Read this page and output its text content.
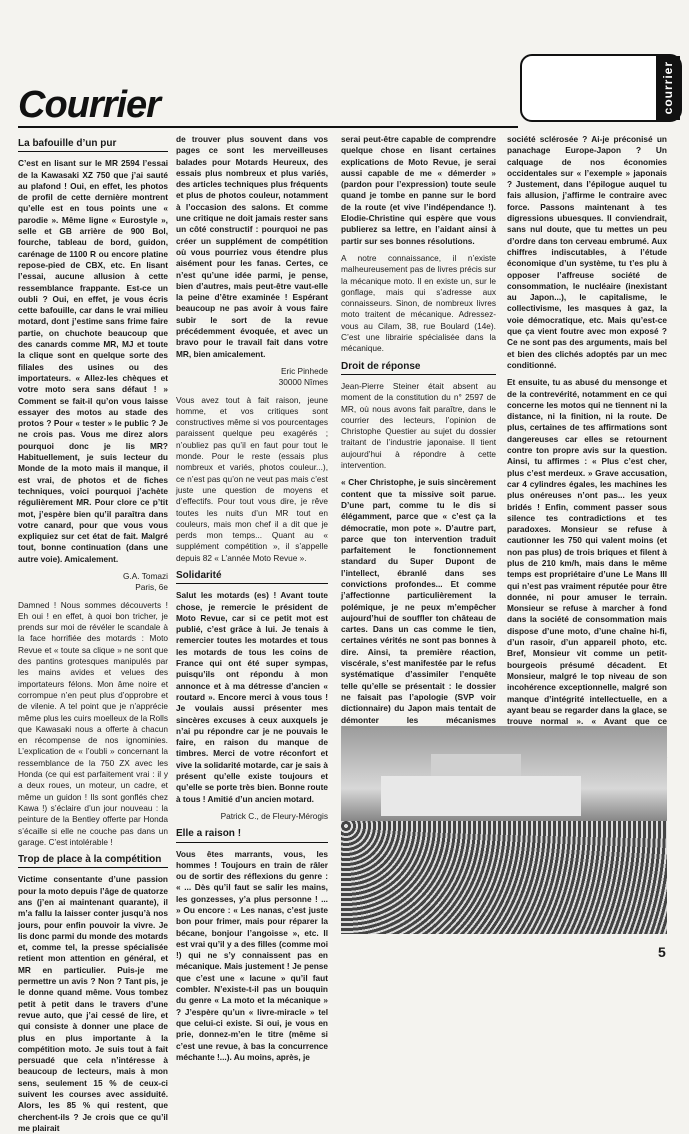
courrier
Courrier
La bafouille d’un pur

C’est en lisant sur le MR 2594 l’essai de la Kawasaki XZ 750 que j’ai sauté au plafond ! Oui, en effet, les photos de profil de cette dernière montrent qu’elle est en tous points une « parodie ». Même ligne « Eurostyle », selle et GB arrière de 900 Bol, fourche, tableau de bord, guidon, carénage de 1100 R ou encore platine repose-pied de CBX, etc. En lisant l’essai, aucune allusion à cette ressemblance frappante. Est-ce un oubli ? Oui, en effet, je vous écris cette bafouille, car dans le vrai milieu motard, dont j’estime sans frime faire partie, on chuchote beaucoup que des canards comme MR, MJ et toute la clique sont en quelque sorte des filiales des usines ou des importateurs. « Allez-les chèques et votre moto sera sans défaut ! » Comment se fait-il qu’on vous laisse essayer des motos au stade des protos ? Pour « tester » le public ? Je ne crois pas. Vous me direz alors pourquoi donc je lis MR? Habituellement, je suis lecteur du Monde de la moto mais il manque, il est vrai, de photos et de fiches techniques, voici pourquoi j’achète régulièrement MR. Pour clore ce p’tit mot, j’espère bien qu’il paraîtra dans votre canard, pour que vous vous expliquiez sur cet état de fait. Malgré tout, bonne continuation (dans une autre voie). Amicalement.

G.A. Tomazi
Paris, 6e

Damned ! Nous sommes découverts ! Eh oui ! en effet, à quoi bon tricher, je prends sur moi de révéler le scandale à la face horrifiée des motards : Moto Revue et « toute sa clique » ne sont que des pantins grotesques manipulés par les mains avides et velues des importateurs félons. Mon âme noire et corrompue n’en peut plus d’opprobre et de vilenie. A tel point que je n’apprécie même plus les cuirs moelleux de la Rolls que Kawasaki nous a offerte à chacun en récompense de nos ignominies. L’explication de « l’oubli » concernant la ressemblance de la 750 ZX avec les Honda (ce qui est parfaitement vrai : il y a deux roues, un moteur, un cadre, et même un guidon ! Ils sont gonflés chez Kawa !) s’éclaire d’un jour nouveau : la peinture de la Bentley offerte par Honda s’écaille si elle ne couche pas dans un garage. C’est intolérable !

Trop de place à la compétition

Victime consentante d’une passion pour la moto depuis l’âge de quatorze ans (j’en ai maintenant quarante), il m’a fallu la laisser conter jusqu’à nos jours, pour enfin pouvoir la vivre. Je lis donc parmi du monde des motards et, comme tel, la presse spécialisée retient mon attention en général, et MR en particulier. Puis-je me permettre un avis ? Non ? Tant pis, je le donne quand même. Vous tombez petit à petit dans le travers d’une revue auto, que j’ai cessé de lire, et qui consiste à donner une place de plus en plus importante à la compétition moto. Je suis tout à fait persuadé que cela n’intéresse à beaucoup de lecteurs, mais à mon sens, seulement 15 % de ceux-ci suivent les courses avec assiduité. Alors, les 85 % qui restent, que cherchent-ils ? Je crois que ce qu’il me plairait

de trouver plus souvent dans vos pages ce sont les merveilleuses balades pour Motards Heureux, des essais plus nombreux et plus variés, des articles techniques plus fréquents et plus de photos couleur, notamment à l’occasion des salons. Et comme une critique ne doit jamais rester sans un côté constructif : pourquoi ne pas créer un supplément de compétition où vous pourriez vous étendre plus aisément pour les fanas. Certes, ce n’est qu’une idée parmi, je pense, bien d’autres, mais peut-être vaut-elle la peine d’être examinée ! Espérant beaucoup ne pas avoir à vous faire subir le sort de la revue précédemment évoquée, et avec un bravo pour le travail fait dans votre MR, bien amicalement.

Eric Pinhede
30000 Nîmes

Vous avez tout à fait raison, jeune homme, et vos critiques sont constructives même si vos pourcentages paraissent quelque peu exagérés ; n’oubliez pas qu’il en faut pour tout le monde. Pour le reste (essais plus nombreux et variés, photos couleur...), ce n’est pas qu’on ne veut pas mais c’est juste une question de moyens et d’effectifs. Pour tout vous dire, je rêve toutes les nuits d’un MR tout en couleurs, mais mon chef il a dit que je perds mon temps... Quant au « supplément compétition », il s’appelle depuis 82 « L’année Moto Revue ».

Solidarité

Salut les motards (es) ! Avant toute chose, je remercie le président de Moto Revue, car si ce petit mot est publié, c’est grâce à lui. Je tenais à remercier toutes les motardes et tous les motards de tous les coins de France qui ont été super sympas, puisqu’ils ont répondu à mon annonce et à ma détresse d’ancien « routard ». Encore merci à vous tous ! Je voulais aussi présenter mes sincères excuses à ceux auxquels je n’ai pu répondre car je ne pouvais le faire, en raison du manque de timbres. Merci de votre réconfort et vive la solidarité motarde, car je sais à présent qu’elle existe toujours et qu’elle se porte très bien. Bonne route à tous ! Amitié d’un ancien motard.

Patrick C., de Fleury-Mérogis
Elle a raison !

Vous êtes marrants, vous, les hommes ! Toujours en train de râler ou de sortir des réflexions du genre : « ... Dès qu’il faut se salir les mains, les gonzesses, y’a plus personne ! ... » Ou encore : « Les nanas, c’est juste bon pour frimer, mais pour réparer la bécane, bonjour l’angoisse », etc. Il est vrai qu’il y a des filles (comme moi !) qui ne s’y connaissent pas en mécanique. Mais justement ! Je pense que c’est une « lacune » qu’il faut combler. N’existe-t-il pas un bouquin du genre « La moto et la mécanique » ? J’espère qu’un « livre-miracle » tel que celui-ci existe. Si oui, je vous en prie, donnez-m’en le titre (même si c’est une revue, à bas la concurrence méchante !...). Au moins, après, je

serai peut-être capable de comprendre quelque chose en lisant certaines explications de Moto Revue, je serai aussi capable de me « démerder » (pardon pour l’expression) toute seule quand je tombe en panne sur le bord de la route (et vive l’indépendance !). Elodie-Christine qui espère que vous publierez sa lettre, en l’aidant ainsi à partir sur ses bonnes résolutions.

A notre connaissance, il n’existe malheureusement pas de livres précis sur la mécanique moto. Il en existe un, sur le gonflage, mais qui s’adresse aux connaisseurs. Sinon, de nombreux livres moto traitent de mécanique. Adressez-vous au Cilam, 38, rue Boulard (14e). C’est une librairie spécialisée dans la mécanique.

Droit de réponse

Jean-Pierre Steiner était absent au moment de la constitution du n° 2597 de MR, où nous avons fait paraître, dans le courrier des lecteurs, l’opinion de Christophe Questier au sujet du dossier traitant de l’industrie japonaise. Il tient aujourd’hui à répondre à cette intervention.

« Cher Christophe, je suis sincèrement content que ta missive soit parue. D’une part, comme tu le dis si élégamment, parce que « c’est ça la démocratie, mon pote ». D’autre part, parce que ton intervention traduit parfaitement le fonctionnement standard du Super Dupont de l’intellect, ébranlé dans ses convictions profondes... Et comme j’affectionne particulièrement la polémique, je ne peux m’empêcher aujourd’hui de souffler ton château de cartes. Dans un cas comme le tien, certaines vérités ne sont pas bonnes à dire. Ainsi, ta première réaction, viscérale, s’est manifestée par le refus systématique d’assimiler l’enquête telle qu’elle se présentait : le dossier ne faisait pas l’apologie (SVP voir dictionnaire) du Japon mais tentait de démonter les mécanismes

société sclérosée ? Ai-je préconisé un panachage Europe-Japon ? Un calquage de nos économies occidentales sur « l’exemple » japonais ? Justement, dans l’épilogue auquel tu fais allusion, j’affirme le contraire avec force. Passons maintenant à tes digressions ubuesques. Il conviendrait, sans nul doute, que tu mettes un peu d’ordre dans ton cerveau embrumé. Aux chiffres indiscutables, à l’étude économique d’un système, tu t’es plu à opposer l’affreuse société de consommation, le nucléaire (inexistant au Japon...), le capitalisme, le collectivisme, les masques à gaz, la voie démocratique, etc. Mais qu’est-ce que ça vient foutre avec mon exposé ? Ce ne sont pas des arguments, mais bel et bien des clichés adoptés par un mec conditionné.

Et ensuite, tu as abusé du mensonge et de la contrevérité, notamment en ce qui concerne les motos qui ne tiennent ni la distance, ni la finition, ni la route. De plus, certaines de tes affirmations sont dangereuses car elles se retournent contre ton propre avis sur la question. Ainsi, tu affirmes : « Plus c’est cher, plus c’est merdeux. » Grave accusation, car 4 cylindres égales, les machines les plus onéreuses n’ont pas... les yeux bridés ! Enfin, comment passer sous silence tes contradictions et tes paradoxes. Monsieur se refuse à cautionner les 750 qui valent moins (et non pas plus) de trois briques et filent à plus de 210 km/h, mais dans le même temps est propriétaire d’une Le Mans III qui n’est pas vraiment réputée pour être donnée, ni pour amuser le terrain. Monsieur se refuse à marcher à fond dans la société de consommation mais dispose d’une moto, d’une chaîne hi-fi, d’un rasoir, d’un appareil photo, etc. Bref, Monsieur vit comme un petit-bourgeois présumé décadent. Et Monsieur, malgré le top niveau de son incohérence exceptionnelle, malgré son manque d’intégrité intellectuelle, en a ayant beau se regarder dans la glace, se trouve normal ». « Avant que ce

5
